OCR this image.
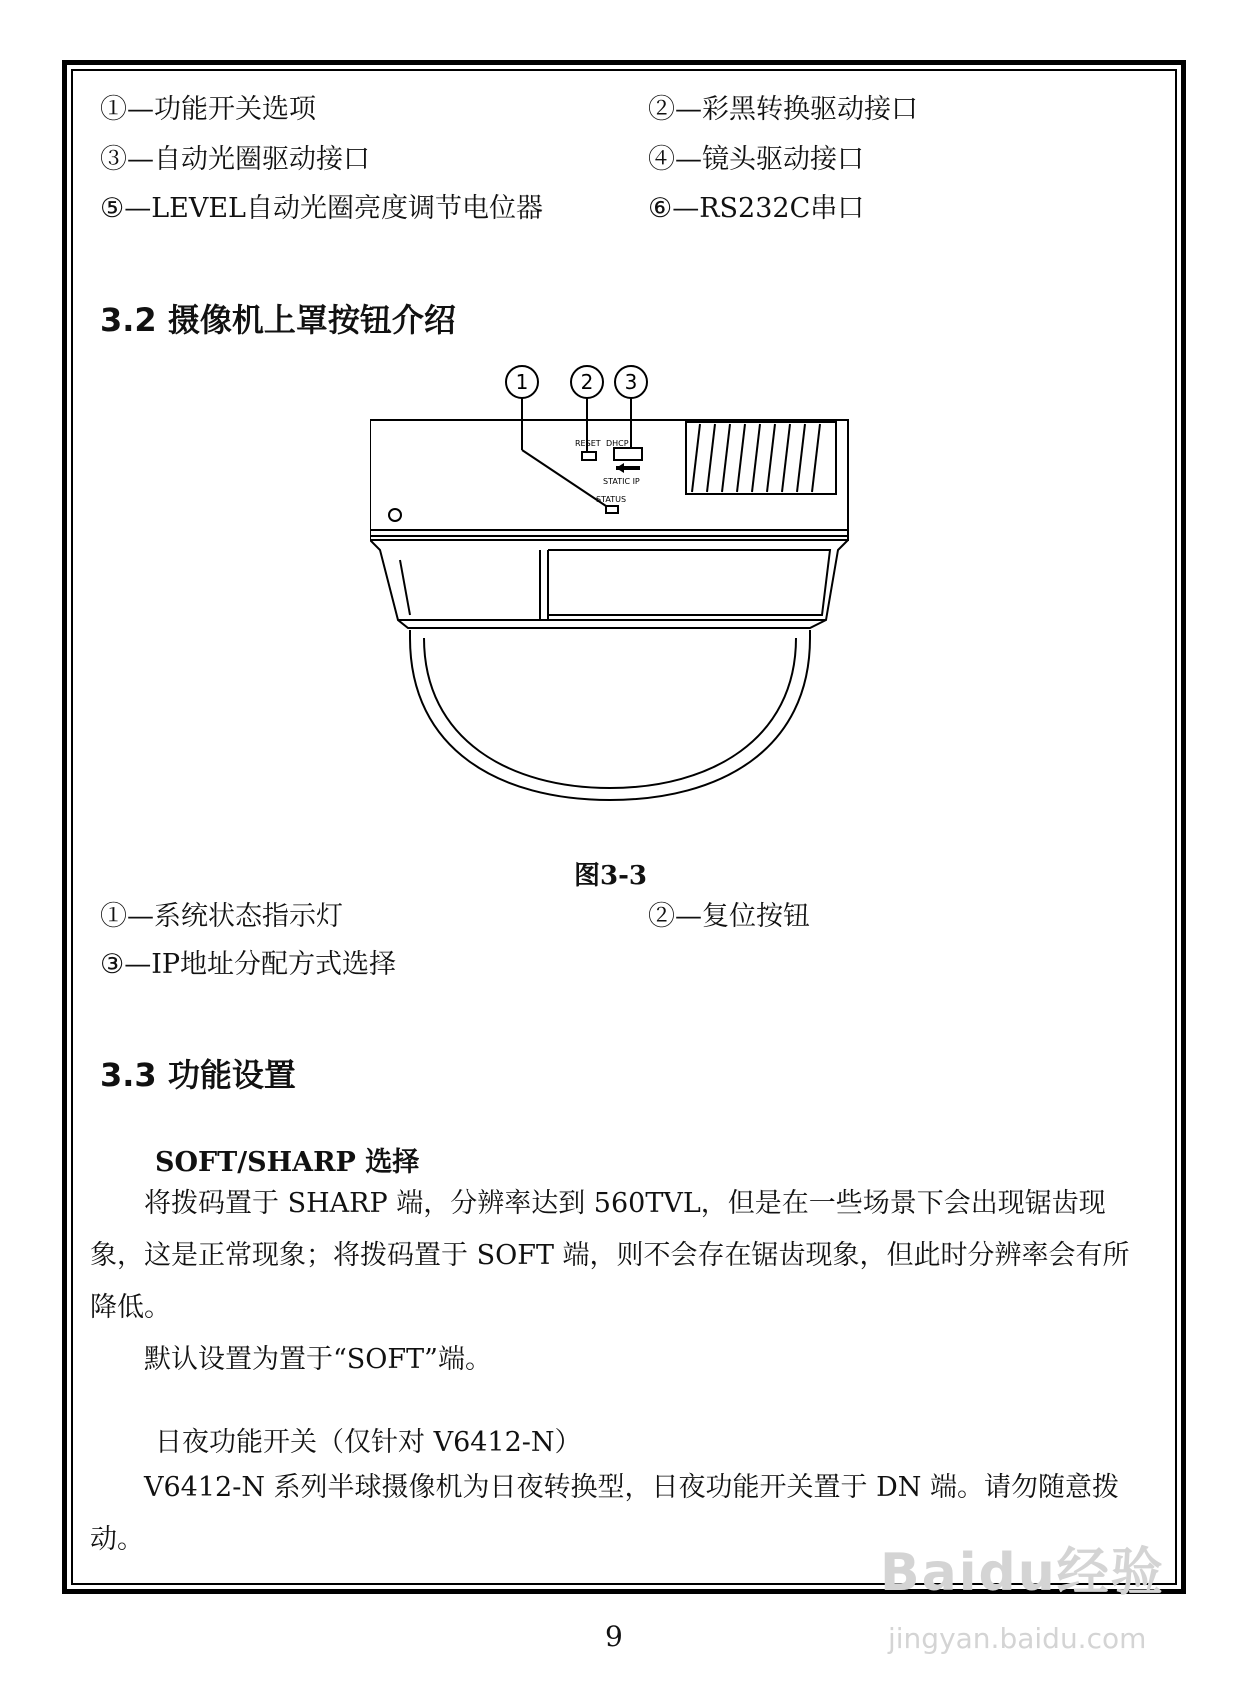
①—功能开关选项	②—彩黑转换驱动接口
③—自动光圈驱动接口	④—镜头驱动接口
⑤—LEVEL自动光圈亮度调节电位器	⑥—RS232C串口
3.2 摄像机上罩按钮介绍
1	2 3
RESET DHCP
STATIC IP
STATUS
图3-3
①—系统状态指示灯	②—复位按钮
③—IP地址分配方式选择
3.3 功能设置
SOFT/SHARP 选择

将拨码置于 SHARP 端，分辨率达到 560TVL，但是在一些场景下会出现锯齿现象，这是正常现象；将拨码置于 SOFT 端，则不会存在锯齿现象，但此时分辨率会有所降低。

默认设置为置于“SOFT”端。

日夜功能开关（仅针对 V6412-N）

V6412-N 系列半球摄像机为日夜转换型，日夜功能开关置于 DN 端。请勿随意拨动。

9
Baidu经验
jingyan.baidu.com
